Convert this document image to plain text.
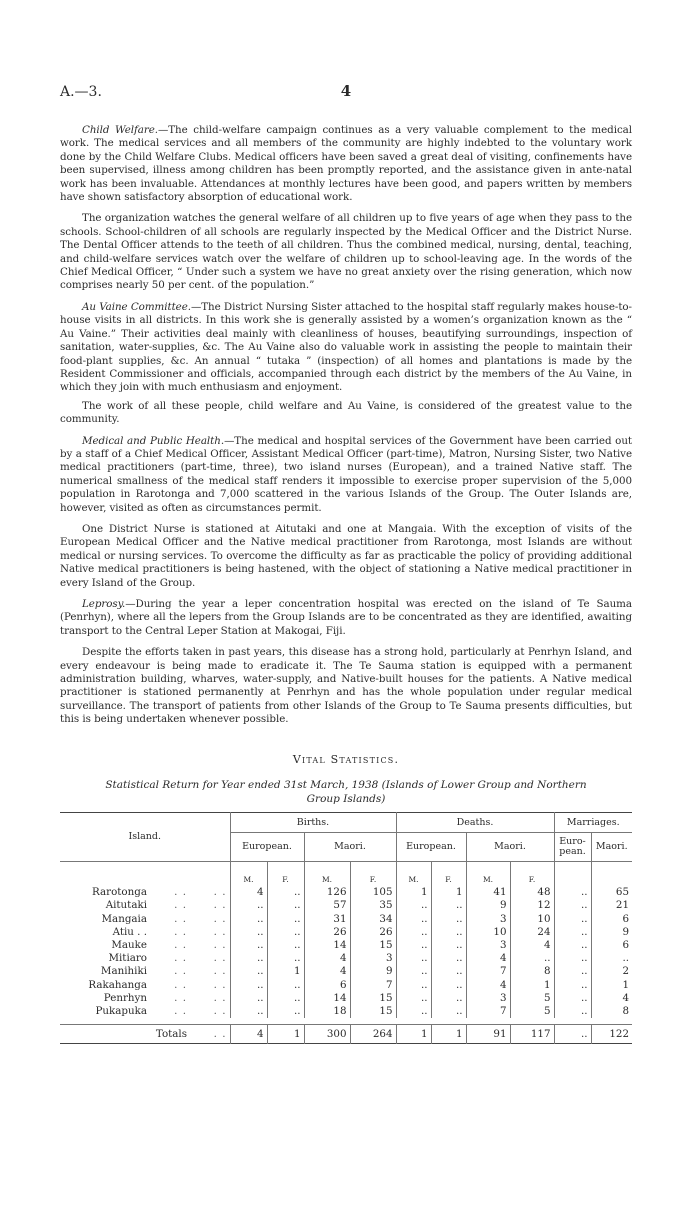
A.—3.	4

Child Welfare.—The child-welfare campaign continues as a very valuable complement to the medical work. The medical services and all members of the community are highly indebted to the voluntary work done by the Child Welfare Clubs. Medical officers have been saved a great deal of visiting, confinements have been supervised, illness among children has been promptly reported, and the assistance given in ante-natal work has been invaluable. Attendances at monthly lectures have been good, and papers written by members have shown satisfactory absorption of educational work.

The organization watches the general welfare of all children up to five years of age when they pass to the schools. School-children of all schools are regularly inspected by the Medical Officer and the District Nurse. The Dental Officer attends to the teeth of all children. Thus the combined medical, nursing, dental, teaching, and child-welfare services watch over the welfare of children up to school-leaving age. In the words of the Chief Medical Officer, “ Under such a system we have no great anxiety over the rising generation, which now comprises nearly 50 per cent. of the population.”

Au Vaine Committee.—The District Nursing Sister attached to the hospital staff regularly makes house-to-house visits in all districts. In this work she is generally assisted by a women’s organization known as the “ Au Vaine.” Their activities deal mainly with cleanliness of houses, beautifying surroundings, inspection of sanitation, water-supplies, &c. The Au Vaine also do valuable work in assisting the people to maintain their food-plant supplies, &c. An annual “ tutaka ” (inspection) of all homes and plantations is made by the Resident Commissioner and officials, accompanied through each district by the members of the Au Vaine, in which they join with much enthusiasm and enjoyment.

The work of all these people, child welfare and Au Vaine, is considered of the greatest value to the community.

Medical and Public Health.—The medical and hospital services of the Government have been carried out by a staff of a Chief Medical Officer, Assistant Medical Officer (part-time), Matron, Nursing Sister, two Native medical practitioners (part-time, three), two island nurses (European), and a trained Native staff. The numerical smallness of the medical staff renders it impossible to exercise proper supervision of the 5,000 population in Rarotonga and 7,000 scattered in the various Islands of the Group. The Outer Islands are, however, visited as often as circumstances permit.

One District Nurse is stationed at Aitutaki and one at Mangaia. With the exception of visits of the European Medical Officer and the Native medical practitioner from Rarotonga, most Islands are without medical or nursing services. To overcome the difficulty as far as practicable the policy of providing additional Native medical practitioners is being hastened, with the object of stationing a Native medical practitioner in every Island of the Group.

Leprosy.—During the year a leper concentration hospital was erected on the island of Te Sauma (Penrhyn), where all the lepers from the Group Islands are to be concentrated as they are identified, awaiting transport to the Central Leper Station at Makogai, Fiji.

Despite the efforts taken in past years, this disease has a strong hold, particularly at Penrhyn Island, and every endeavour is being made to eradicate it. The Te Sauma station is equipped with a permanent administration building, wharves, water-supply, and Native-built houses for the patients. A Native medical practitioner is stationed permanently at Penrhyn and has the whole population under regular medical surveillance. The transport of patients from other Islands of the Group to Te Sauma presents difficulties, but this is being undertaken whenever possible.

Vital Statistics.
Statistical Return for Year ended 31st March, 1938 (Islands of Lower Group and Northern
Group Islands)
Island.			Births.				Deaths.				Marriages.	
			European.		Maori.		European.		Maori.		Euro-
pean.	Maori.
			M.	F.	M.	F.	M.	F.	M.	F.		
Rarotonga	. .	. .	4	..	126	105	1	1	41	48	..	65
Aitutaki	. .	. .	..	..	57	35	..	..	9	12	..	21
Mangaia	. .	. .	..	..	31	34	..	..	3	10	..	6
Atiu . .	. .	. .	..	..	26	26	..	..	10	24	..	9
Mauke	. .	. .	..	..	14	15	..	..	3	4	..	6
Mitiaro	. .	. .	..	..	4	3	..	..	4	..	..	..
Manihiki	. .	. .	..	1	4	9	..	..	7	8	..	2
Rakahanga	. .	. .	..	..	6	7	..	..	4	1	..	1
Penrhyn	. .	. .	..	..	14	15	..	..	3	5	..	4
Pukapuka	. .	. .	..	..	18	15	..	..	7	5	..	8

Totals		. .	4	1	300	264	1	1	91	117	..	122
